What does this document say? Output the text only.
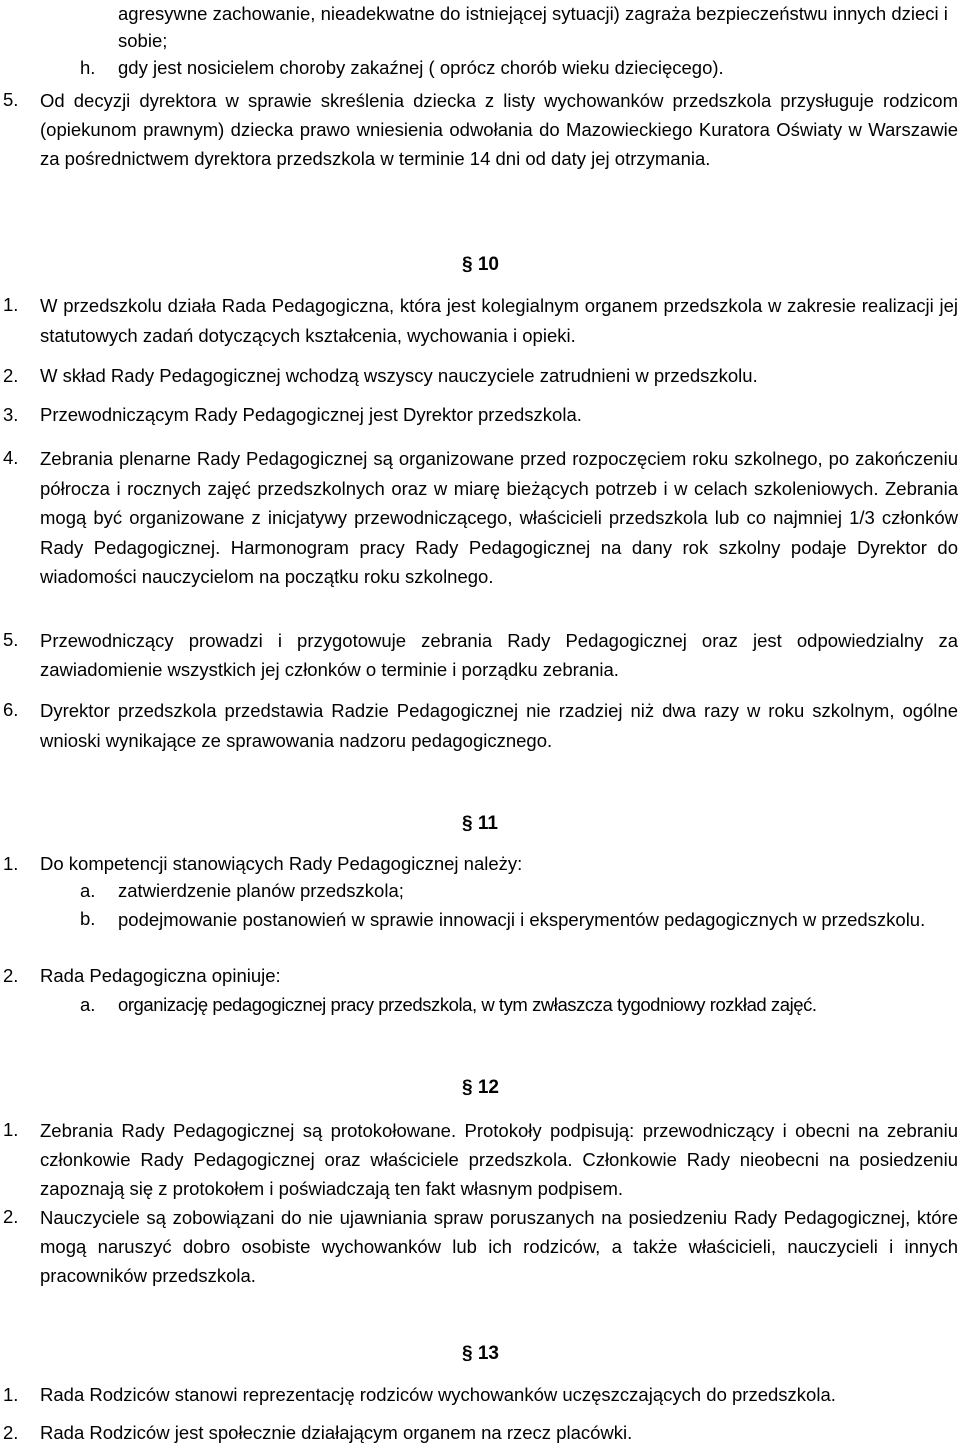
agresywne zachowanie, nieadekwatne do istniejącej sytuacji) zagraża bezpieczeństwu innych dzieci i sobie;
h. gdy jest nosicielem choroby zakaźnej ( oprócz chorób wieku dziecięcego).
5. Od decyzji dyrektora w sprawie skreślenia dziecka z listy wychowanków przedszkola przysługuje rodzicom (opiekunom prawnym) dziecka prawo wniesienia odwołania do Mazowieckiego Kuratora Oświaty w Warszawie za pośrednictwem dyrektora przedszkola w terminie 14 dni od daty jej otrzymania.
§ 10
1. W przedszkolu działa Rada Pedagogiczna, która jest kolegialnym organem przedszkola w zakresie realizacji jej statutowych zadań dotyczących kształcenia, wychowania i opieki.
2. W skład Rady Pedagogicznej wchodzą wszyscy nauczyciele zatrudnieni w przedszkolu.
3. Przewodniczącym Rady Pedagogicznej jest Dyrektor przedszkola.
4. Zebrania plenarne Rady Pedagogicznej są organizowane przed rozpoczęciem roku szkolnego, po zakończeniu półrocza i rocznych zajęć przedszkolnych oraz w miarę bieżących potrzeb i w celach szkoleniowych. Zebrania mogą być organizowane z inicjatywy przewodniczącego, właścicieli przedszkola lub co najmniej 1/3 członków Rady Pedagogicznej. Harmonogram pracy Rady Pedagogicznej na dany rok szkolny podaje Dyrektor do wiadomości nauczycielom na początku roku szkolnego.
5. Przewodniczący prowadzi i przygotowuje zebrania Rady Pedagogicznej oraz jest odpowiedzialny za zawiadomienie wszystkich jej członków o terminie i porządku zebrania.
6. Dyrektor przedszkola przedstawia Radzie Pedagogicznej nie rzadziej niż dwa razy w roku szkolnym, ogólne wnioski wynikające ze sprawowania nadzoru pedagogicznego.
§ 11
1. Do kompetencji stanowiących Rady Pedagogicznej należy:
a. zatwierdzenie planów przedszkola;
b. podejmowanie postanowień w sprawie innowacji i eksperymentów pedagogicznych w przedszkolu.
2. Rada Pedagogiczna opiniuje:
a. organizację pedagogicznej pracy przedszkola, w tym zwłaszcza tygodniowy rozkład zajęć.
§ 12
1. Zebrania Rady Pedagogicznej są protokołowane. Protokoły podpisują: przewodniczący i obecni na zebraniu członkowie Rady Pedagogicznej oraz właściciele przedszkola. Członkowie Rady nieobecni na posiedzeniu zapoznają się z protokołem i poświadczają ten fakt własnym podpisem.
2. Nauczyciele są zobowiązani do nie ujawniania spraw poruszanych na posiedzeniu Rady Pedagogicznej, które mogą naruszyć dobro osobiste wychowanków lub ich rodziców, a także właścicieli, nauczycieli i innych pracowników przedszkola.
§ 13
1. Rada Rodziców stanowi reprezentację rodziców wychowanków uczęszczających do przedszkola.
2. Rada Rodziców jest społecznie działającym organem na rzecz placówki.
